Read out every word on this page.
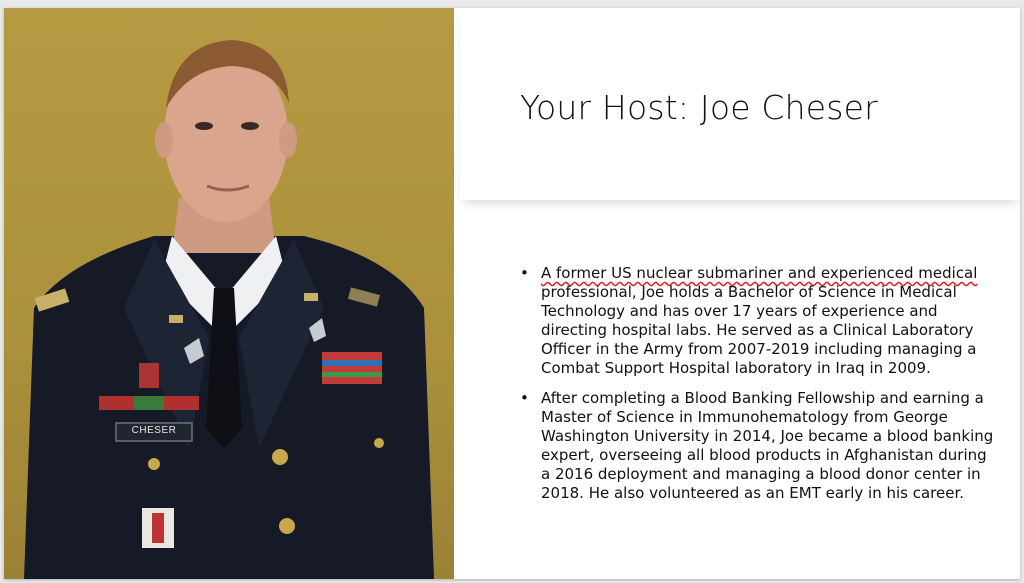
CHESER
Your Host: Joe Cheser
• A former US nuclear submariner and experienced medical professional, Joe holds a Bachelor of Science in Medical Technology and has over 17 years of experience and directing hospital labs. He served as a Clinical Laboratory Officer in the Army from 2007-2019 including managing a Combat Support Hospital laboratory in Iraq in 2009.
• After completing a Blood Banking Fellowship and earning a Master of Science in Immunohematology from George Washington University in 2014, Joe became a blood banking expert, overseeing all blood products in Afghanistan during a 2016 deployment and managing a blood donor center in 2018. He also volunteered as an EMT early in his career.
